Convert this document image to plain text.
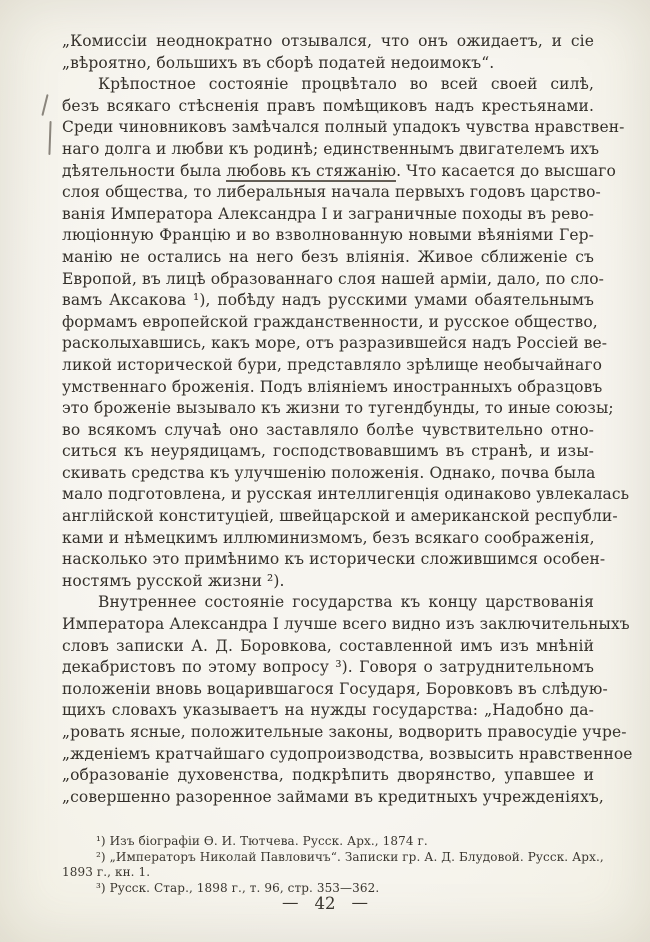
„Комиссіи неоднократно отзывался, что онъ ожидаетъ, и сіе
„вѣроятно, большихъ въ сборѣ податей недоимокъ“.
Крѣпостное состояніе процвѣтало во всей своей силѣ,
безъ всякаго стѣсненія правъ помѣщиковъ надъ крестьянами.
Среди чиновниковъ замѣчался полный упадокъ чувства нравствен-
наго долга и любви къ родинѣ; единственнымъ двигателемъ ихъ
дѣятельности была любовь къ стяжанію. Что касается до высшаго
слоя общества, то либеральныя начала первыхъ годовъ царство-
ванія Императора Александра I и заграничные походы въ рево-
люціонную Францію и во взволнованную новыми вѣяніями Гер-
манію не остались на него безъ вліянія. Живое сближеніе съ
Европой, въ лицѣ образованнаго слоя нашей арміи, дало, по сло-
вамъ Аксакова ¹), побѣду надъ русскими умами обаятельнымъ
формамъ европейской гражданственности, и русское общество,
расколыхавшись, какъ море, отъ разразившейся надъ Россіей ве-
ликой исторической бури, представляло зрѣлище необычайнаго
умственнаго броженія. Подъ вліяніемъ иностранныхъ образцовъ
это броженіе вызывало къ жизни то тугендбунды, то иные союзы;
во всякомъ случаѣ оно заставляло болѣе чувствительно отно-
ситься къ неурядицамъ, господствовавшимъ въ странѣ, и изы-
скивать средства къ улучшенію положенія. Однако, почва была
мало подготовлена, и русская интеллигенція одинаково увлекалась
англійской конституціей, швейцарской и американской республи-
ками и нѣмецкимъ иллюминизмомъ, безъ всякаго соображенія,
насколько это примѣнимо къ исторически сложившимся особен-
ностямъ русской жизни ²).
Внутреннее состояніе государства къ концу царствованія
Императора Александра I лучше всего видно изъ заключительныхъ
словъ записки А. Д. Боровкова, составленной имъ изъ мнѣній
декабристовъ по этому вопросу ³). Говоря о затруднительномъ
положеніи вновь воцарившагося Государя, Боровковъ въ слѣдую-
щихъ словахъ указываетъ на нужды государства: „Надобно да-
„ровать ясные, положительные законы, водворить правосудіе учре-
„жденіемъ кратчайшаго судопроизводства, возвысить нравственное
„образованіе духовенства, подкрѣпить дворянство, упавшее и
„совершенно разоренное займами въ кредитныхъ учрежденіяхъ,
¹) Изъ біографіи Ѳ. И. Тютчева. Русск. Арх., 1874 г.
²) „Императоръ Николай Павловичъ“. Записки гр. А. Д. Блудовой. Русск. Арх.,
1893 г., кн. 1.
³) Русск. Стар., 1898 г., т. 96, стр. 353—362.
— 42 —
